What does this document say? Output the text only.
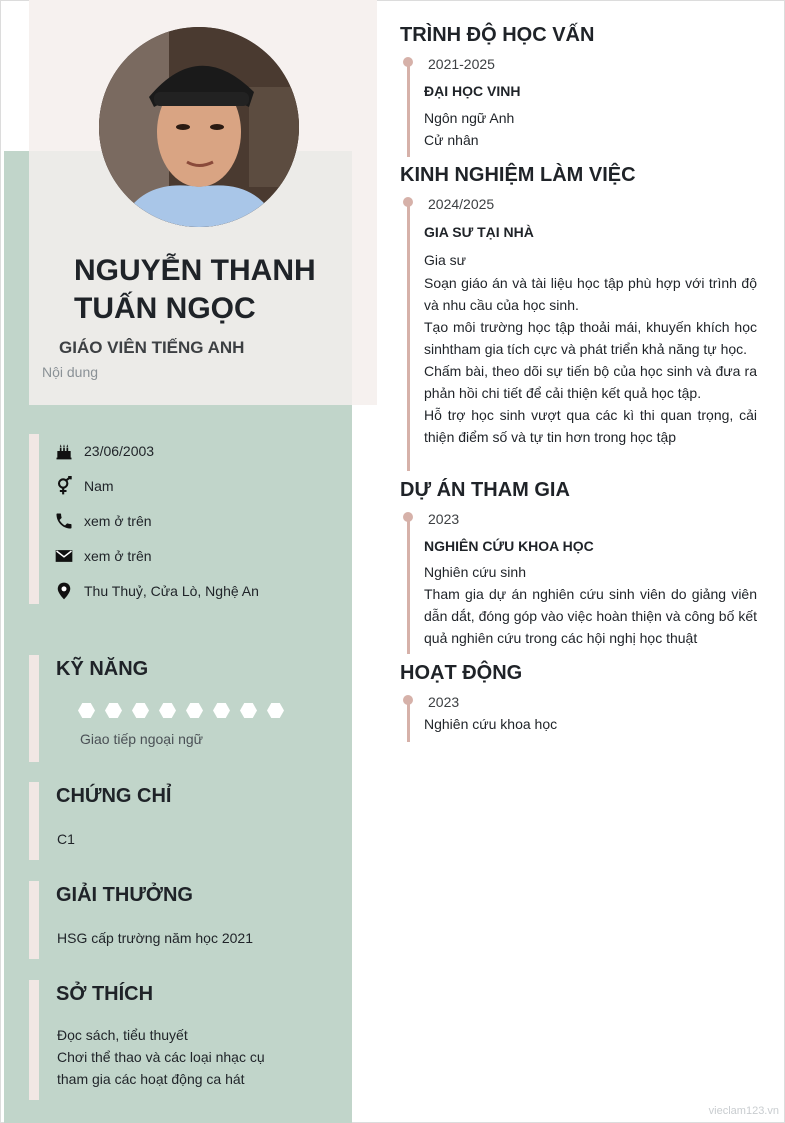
NGUYỄN THANH TUẤN NGỌC
GIÁO VIÊN TIẾNG ANH
Nội dung
23/06/2003
Nam
xem ở trên
xem ở trên
Thu Thuỷ, Cửa Lò, Nghệ An
KỸ NĂNG
Giao tiếp ngoại ngữ
CHỨNG CHỈ
C1
GIẢI THƯỞNG
HSG cấp trường năm học 2021
SỞ THÍCH
Đọc sách, tiểu thuyết
Chơi thể thao và các loại nhạc cụ
tham gia các hoạt động ca hát
TRÌNH ĐỘ HỌC VẤN
2021-2025
ĐẠI HỌC VINH
Ngôn ngữ Anh
Cử nhân
KINH NGHIỆM LÀM VIỆC
2024/2025
GIA SƯ TẠI NHÀ
Gia sư
Soạn giáo án và tài liệu học tập phù hợp với trình độ và nhu cầu của học sinh.
Tạo môi trường học tập thoải mái, khuyến khích học sinhtham gia tích cực và phát triển khả năng tự học.
Chấm bài, theo dõi sự tiến bộ của học sinh và đưa ra phản hồi chi tiết để cải thiện kết quả học tập.
Hỗ trợ học sinh vượt qua các kì thi quan trọng, cải thiện điểm số và tự tin hơn trong học tập
DỰ ÁN THAM GIA
2023
NGHIÊN CỨU KHOA HỌC
Nghiên cứu sinh
Tham gia dự án nghiên cứu sinh viên do giảng viên dẫn dắt, đóng góp vào việc hoàn thiện và công bố kết quả nghiên cứu trong các hội nghị học thuật
HOẠT ĐỘNG
2023
Nghiên cứu khoa học
vieclam123.vn
